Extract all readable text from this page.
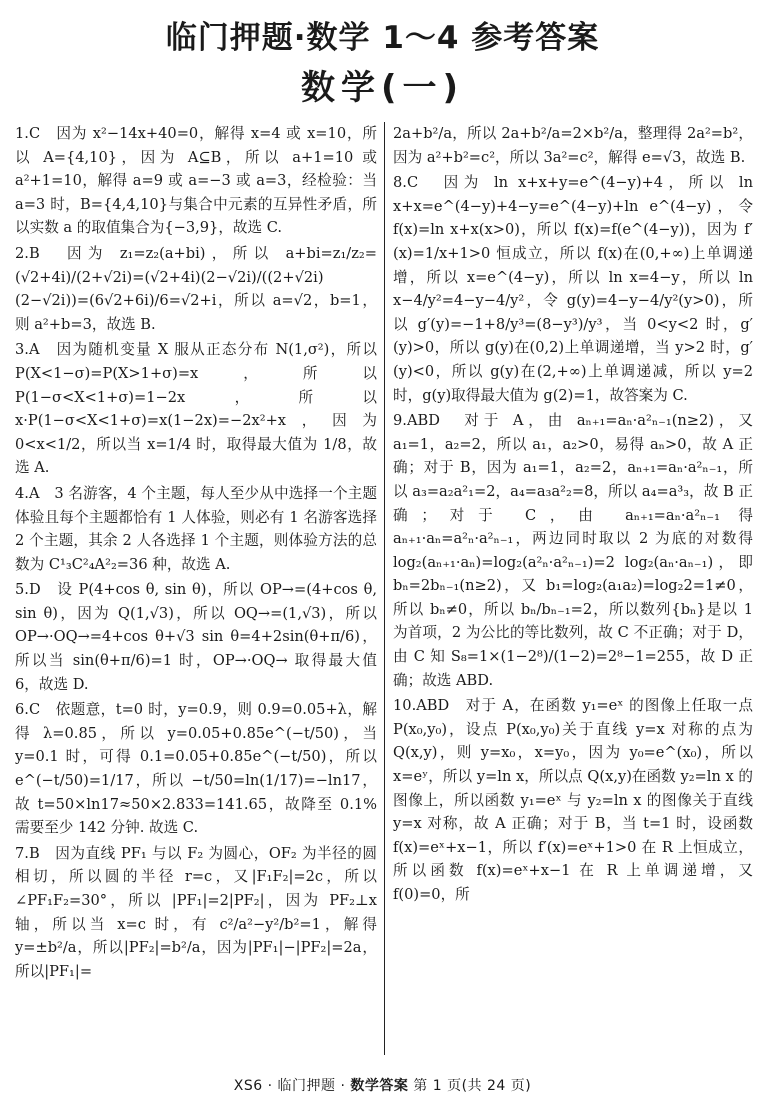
临门押题·数学 1～4 参考答案
数学(一)

1.C　因为 x²−14x+40=0，解得 x=4 或 x=10，所以 A={4,10}，因为 A⊆B，所以 a+1=10 或 a²+1=10，解得 a=9 或 a=−3 或 a=3，经检验：当 a=3 时，B={4,4,10}与集合中元素的互异性矛盾，所以实数 a 的取值集合为{−3,9}，故选 C.

2.B　因为 z₁=z₂(a+bi)，所以 a+bi=z₁/z₂=(√2+4i)/(2+√2i)=(√2+4i)(2−√2i)/((2+√2i)(2−√2i))=(6√2+6i)/6=√2+i，所以 a=√2，b=1，则 a²+b=3，故选 B.

3.A　因为随机变量 X 服从正态分布 N(1,σ²)，所以 P(X<1−σ)=P(X>1+σ)=x，所以 P(1−σ<X<1+σ)=1−2x，所以 x·P(1−σ<X<1+σ)=x(1−2x)=−2x²+x，因为 0<x<1/2，所以当 x=1/4 时，取得最大值为 1/8，故选 A.

4.A　3 名游客，4 个主题，每人至少从中选择一个主题体验且每个主题都恰有 1 人体验，则必有 1 名游客选择 2 个主题，其余 2 人各选择 1 个主题，则体验方法的总数为 C¹₃C²₄A²₂=36 种，故选 A.

5.D　设 P(4+cos θ, sin θ)，所以 OP→=(4+cos θ, sin θ)，因为 Q(1,√3)，所以 OQ→=(1,√3)，所以 OP→·OQ→=4+cos θ+√3 sin θ=4+2sin(θ+π/6)，所以当 sin(θ+π/6)=1 时，OP→·OQ→ 取得最大值 6，故选 D.

6.C　依题意，t=0 时，y=0.9，则 0.9=0.05+λ，解得 λ=0.85，所以 y=0.05+0.85e^(−t/50)，当 y=0.1 时，可得 0.1=0.05+0.85e^(−t/50)，所以 e^(−t/50)=1/17，所以 −t/50=ln(1/17)=−ln17，故 t=50×ln17≈50×2.833=141.65，故降至 0.1% 需要至少 142 分钟. 故选 C.

7.B　因为直线 PF₁ 与以 F₂ 为圆心，OF₂ 为半径的圆相切，所以圆的半径 r=c，又|F₁F₂|=2c，所以 ∠PF₁F₂=30°，所以 |PF₁|=2|PF₂|，因为 PF₂⊥x 轴，所以当 x=c 时，有 c²/a²−y²/b²=1，解得 y=±b²/a，所以|PF₂|=b²/a，因为|PF₁|−|PF₂|=2a，所以|PF₁|=

2a+b²/a，所以 2a+b²/a=2×b²/a，整理得 2a²=b²，因为 a²+b²=c²，所以 3a²=c²，解得 e=√3，故选 B.

8.C　因为 ln x+x+y=e^(4−y)+4，所以 ln x+x=e^(4−y)+4−y=e^(4−y)+ln e^(4−y)，令 f(x)=ln x+x(x>0)，所以 f(x)=f(e^(4−y))，因为 f′(x)=1/x+1>0 恒成立，所以 f(x)在(0,+∞)上单调递增，所以 x=e^(4−y)，所以 ln x=4−y，所以 ln x−4/y²=4−y−4/y²，令 g(y)=4−y−4/y²(y>0)，所以 g′(y)=−1+8/y³=(8−y³)/y³，当 0<y<2 时，g′(y)>0，所以 g(y)在(0,2)上单调递增，当 y>2 时，g′(y)<0，所以 g(y)在(2,+∞)上单调递减，所以 y=2 时，g(y)取得最大值为 g(2)=1，故答案为 C.

9.ABD　对于 A，由 aₙ₊₁=aₙ·a²ₙ₋₁(n≥2)，又 a₁=1，a₂=2，所以 a₁，a₂>0，易得 aₙ>0，故 A 正确；对于 B，因为 a₁=1，a₂=2，aₙ₊₁=aₙ·a²ₙ₋₁，所以 a₃=a₂a²₁=2，a₄=a₃a²₂=8，所以 a₄=a³₃，故 B 正确；对于 C，由 aₙ₊₁=aₙ·a²ₙ₋₁ 得 aₙ₊₁·aₙ=a²ₙ·a²ₙ₋₁，两边同时取以 2 为底的对数得 log₂(aₙ₊₁·aₙ)=log₂(a²ₙ·a²ₙ₋₁)=2 log₂(aₙ·aₙ₋₁)，即 bₙ=2bₙ₋₁(n≥2)，又 b₁=log₂(a₁a₂)=log₂2=1≠0，所以 bₙ≠0，所以 bₙ/bₙ₋₁=2，所以数列{bₙ}是以 1 为首项，2 为公比的等比数列，故 C 不正确；对于 D，由 C 知 S₈=1×(1−2⁸)/(1−2)=2⁸−1=255，故 D 正确；故选 ABD.

10.ABD　对于 A，在函数 y₁=eˣ 的图像上任取一点 P(x₀,y₀)，设点 P(x₀,y₀)关于直线 y=x 对称的点为 Q(x,y)，则 y=x₀，x=y₀，因为 y₀=e^(x₀)，所以 x=eʸ，所以 y=ln x，所以点 Q(x,y)在函数 y₂=ln x 的图像上，所以函数 y₁=eˣ 与 y₂=ln x 的图像关于直线 y=x 对称，故 A 正确；对于 B，当 t=1 时，设函数 f(x)=eˣ+x−1，所以 f′(x)=eˣ+1>0 在 R 上恒成立，所以函数 f(x)=eˣ+x−1 在 R 上单调递增，又 f(0)=0，所

XS6 · 临门押题 · 数学答案 第 1 页(共 24 页)
